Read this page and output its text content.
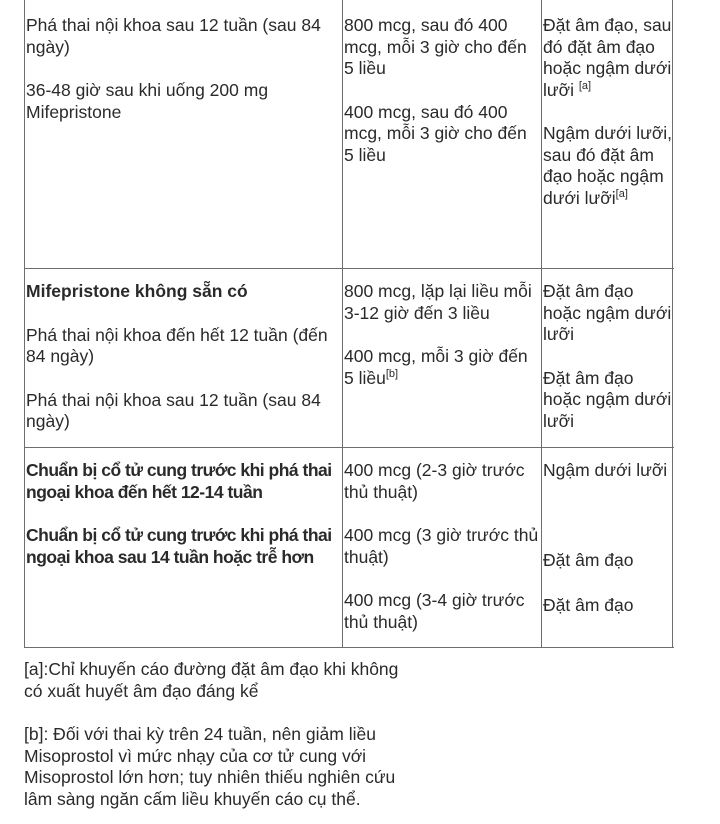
Phá thai nội khoa sau 12 tuần (sau 84 ngày)

36-48 giờ sau khi uống 200 mg Mifepristone

800 mcg, sau đó 400 mcg, mỗi 3 giờ cho đến 5 liều

400 mcg, sau đó 400 mcg, mỗi 3 giờ cho đến 5 liều

Đặt âm đạo, sau đó đặt âm đạo hoặc ngậm dưới lưỡi [a]

Ngậm dưới lưỡi, sau đó đặt âm đạo hoặc ngậm dưới lưỡi[a]

Mifepristone không sẵn có

Phá thai nội khoa đến hết 12 tuần (đến 84 ngày)

Phá thai nội khoa sau 12 tuần (sau 84 ngày)

800 mcg, lặp lại liều mỗi 3-12 giờ đến 3 liều

400 mcg, mỗi 3 giờ đến 5 liều[b]

Đặt âm đạo hoặc ngậm dưới lưỡi

Đặt âm đạo hoặc ngậm dưới lưỡi

Chuẩn bị cổ tử cung trước khi phá thai ngoại khoa đến hết 12-14 tuần

Chuẩn bị cổ tử cung trước khi phá thai ngoại khoa sau 14 tuần hoặc trễ hơn

400 mcg (2-3 giờ trước thủ thuật)

400 mcg (3 giờ trước thủ thuật)

400 mcg (3-4 giờ trước thủ thuật)

Ngậm dưới lưỡi

Đặt âm đạo

Đặt âm đạo

[a]:Chỉ khuyến cáo đường đặt âm đạo khi không có xuất huyết âm đạo đáng kể

[b]: Đối với thai kỳ trên 24 tuần, nên giảm liều Misoprostol vì mức nhạy của cơ tử cung với Misoprostol lớn hơn; tuy nhiên thiếu nghiên cứu lâm sàng ngăn cấm liều khuyến cáo cụ thể.
